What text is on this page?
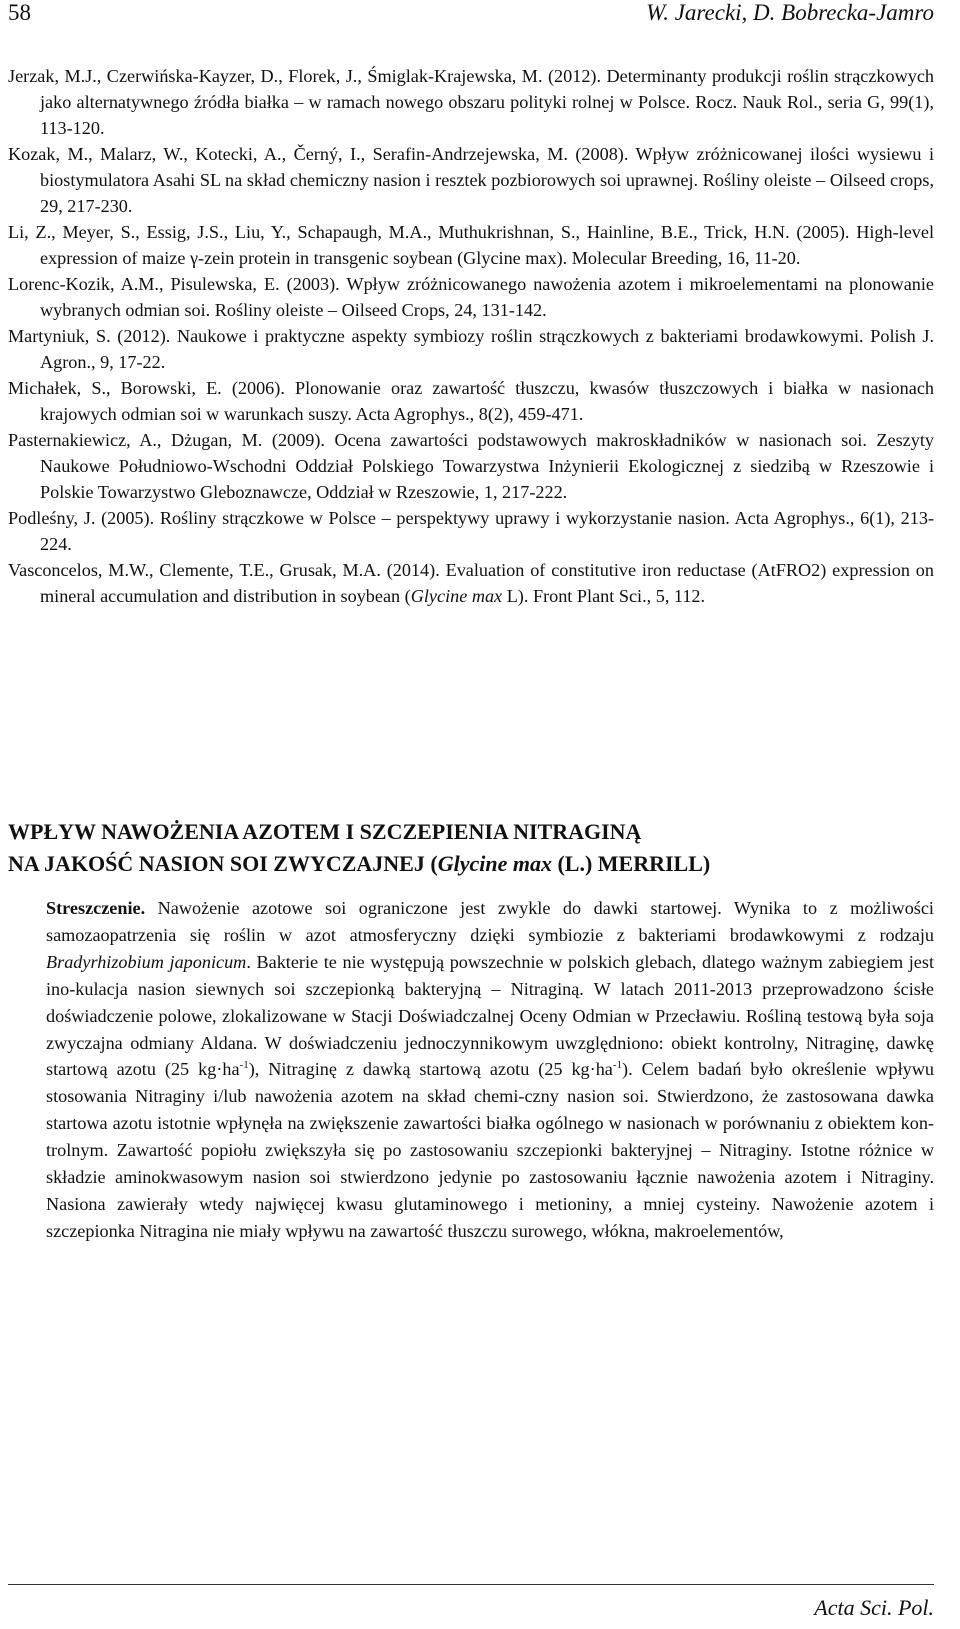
58	W. Jarecki, D. Bobrecka-Jamro

Jerzak, M.J., Czerwińska-Kayzer, D., Florek, J., Śmiglak-Krajewska, M. (2012). Determinanty produkcji roślin strączkowych jako alternatywnego źródła białka – w ramach nowego obszaru polityki rolnej w Polsce. Rocz. Nauk Rol., seria G, 99(1), 113-120.

Kozak, M., Malarz, W., Kotecki, A., Černý, I., Serafin-Andrzejewska, M. (2008). Wpływ zróżnicowanej ilości wysiewu i biostymulatora Asahi SL na skład chemiczny nasion i resztek pozbiorowych soi uprawnej. Rośliny oleiste – Oilseed crops, 29, 217-230.

Li, Z., Meyer, S., Essig, J.S., Liu, Y., Schapaugh, M.A., Muthukrishnan, S., Hainline, B.E., Trick, H.N. (2005). High-level expression of maize γ-zein protein in transgenic soybean (Glycine max). Molecular Breeding, 16, 11-20.

Lorenc-Kozik, A.M., Pisulewska, E. (2003). Wpływ zróżnicowanego nawożenia azotem i mikroelementami na plonowanie wybranych odmian soi. Rośliny oleiste – Oilseed Crops, 24, 131-142.

Martyniuk, S. (2012). Naukowe i praktyczne aspekty symbiozy roślin strączkowych z bakteriami brodawkowymi. Polish J. Agron., 9, 17-22.

Michałek, S., Borowski, E. (2006). Plonowanie oraz zawartość tłuszczu, kwasów tłuszczowych i białka w nasionach krajowych odmian soi w warunkach suszy. Acta Agrophys., 8(2), 459-471.

Pasternakiewicz, A., Dżugan, M. (2009). Ocena zawartości podstawowych makroskładników w nasionach soi. Zeszyty Naukowe Południowo-Wschodni Oddział Polskiego Towarzystwa Inżynierii Ekologicznej z siedzibą w Rzeszowie i Polskie Towarzystwo Gleboznawcze, Oddział w Rzeszowie, 1, 217-222.

Podleśny, J. (2005). Rośliny strączkowe w Polsce – perspektywy uprawy i wykorzystanie nasion. Acta Agrophys., 6(1), 213-224.

Vasconcelos, M.W., Clemente, T.E., Grusak, M.A. (2014). Evaluation of constitutive iron reductase (AtFRO2) expression on mineral accumulation and distribution in soybean (Glycine max L). Front Plant Sci., 5, 112.

WPŁYW NAWOŻENIA AZOTEM I SZCZEPIENIA NITRAGINĄ
NA JAKOŚĆ NASION SOI ZWYCZAJNEJ (Glycine max (L.) MERRILL)

Streszczenie. Nawożenie azotowe soi ograniczone jest zwykle do dawki startowej. Wynika to z możliwości samozaopatrzenia się roślin w azot atmosferyczny dzięki symbiozie z bakteriami brodawkowymi z rodzaju Bradyrhizobium japonicum. Bakterie te nie występują powszechnie w polskich glebach, dlatego ważnym zabiegiem jest ino-kulacja nasion siewnych soi szczepionką bakteryjną – Nitraginą. W latach 2011-2013 przeprowadzono ścisłe doświadczenie polowe, zlokalizowane w Stacji Doświadczalnej Oceny Odmian w Przecławiu. Rośliną testową była soja zwyczajna odmiany Aldana. W doświadczeniu jednoczynnikowym uwzględniono: obiekt kontrolny, Nitraginę, dawkę startową azotu (25 $kg\cdot ha^{-1}$), Nitraginę z dawką startową azotu (25 $kg\cdot ha^{-1}$). Celem badań było określenie wpływu stosowania Nitraginy i/lub nawożenia azotem na skład chemi-czny nasion soi. Stwierdzono, że zastosowana dawka startowa azotu istotnie wpłynęła na zwiększenie zawartości białka ogólnego w nasionach w porównaniu z obiektem kon-trolnym. Zawartość popiołu zwiększyła się po zastosowaniu szczepionki bakteryjnej – Nitraginy. Istotne różnice w składzie aminokwasowym nasion soi stwierdzono jedynie po zastosowaniu łącznie nawożenia azotem i Nitraginy. Nasiona zawierały wtedy najwięcej kwasu glutaminowego i metioniny, a mniej cysteiny. Nawożenie azotem i szczepionka Nitragina nie miały wpływu na zawartość tłuszczu surowego, włókna, makroelementów,

Acta Sci. Pol.
